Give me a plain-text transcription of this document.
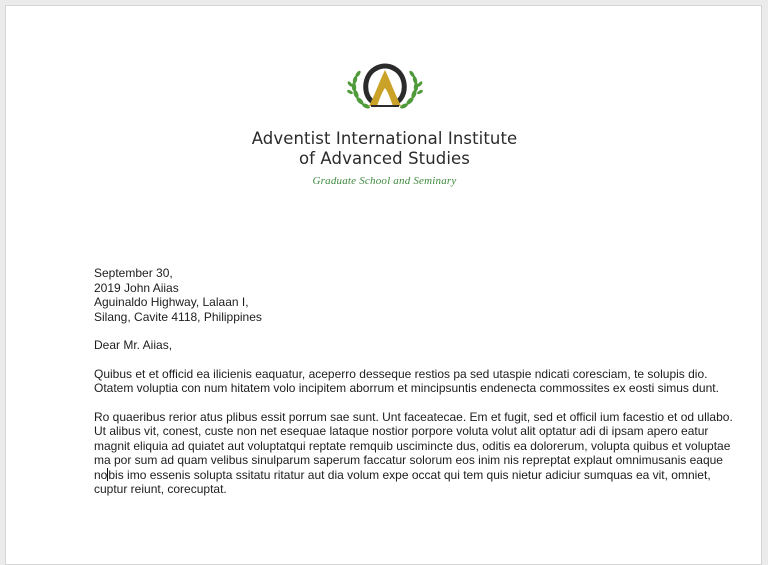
Adventist International Institute
of Advanced Studies
Graduate School and Seminary

September 30,
2019 John Aiias
Aguinaldo Highway, Lalaan I,
Silang, Cavite 4118, Philippines

Dear Mr. Aiias,

Quibus et et officid ea ilicienis eaquatur, aceperro desseque restios pa sed utaspie ndicati coresciam, te solupis dio. Otatem voluptia con num hitatem volo incipitem aborrum et mincipsuntis endenecta commossites ex eosti simus dunt.

Ro quaeribus rerior atus plibus essit porrum sae sunt. Unt faceatecae. Em et fugit, sed et officil ium facestio et od ullabo. Ut alibus vit, conest, custe non net esequae lataque nostior porpore voluta volut alit optatur adi di ipsam apero eatur magnit eliquia ad quiatet aut voluptatqui reptate remquib uscimincte dus, oditis ea dolorerum, volupta quibus et voluptae ma por sum ad quam velibus sinulparum saperum faccatur solorum eos inim nis repreptat explaut omnimusanis eaque nobis imo essenis solupta ssitatu ritatur aut dia volum expe occat qui tem quis nietur adiciur sumquas ea vit, omniet, cuptur reiunt, corecuptat.
